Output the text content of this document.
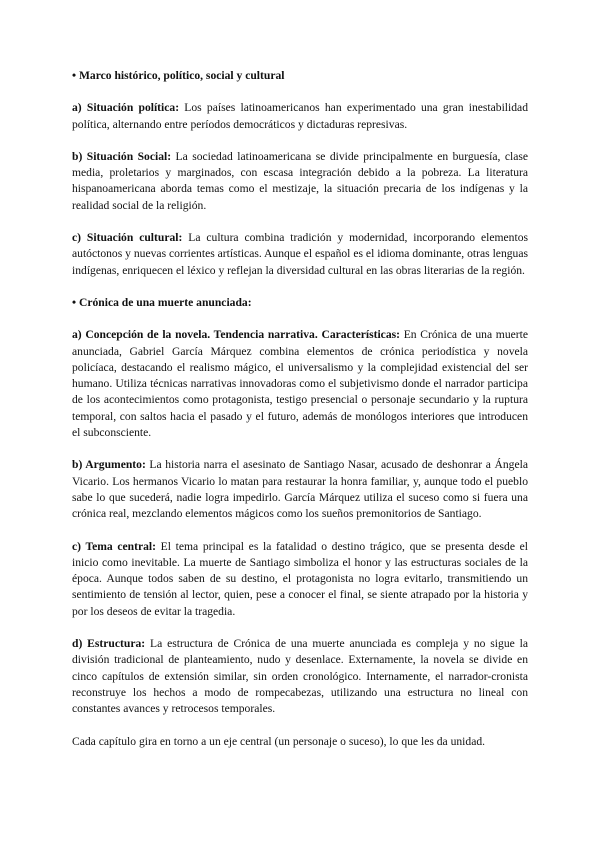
• Marco histórico, político, social y cultural

a) Situación política: Los países latinoamericanos han experimentado una gran inestabilidad política, alternando entre períodos democráticos y dictaduras represivas.

b) Situación Social: La sociedad latinoamericana se divide principalmente en burguesía, clase media, proletarios y marginados, con escasa integración debido a la pobreza. La literatura hispanoamericana aborda temas como el mestizaje, la situación precaria de los indígenas y la realidad social de la religión.

c) Situación cultural: La cultura combina tradición y modernidad, incorporando elementos autóctonos y nuevas corrientes artísticas. Aunque el español es el idioma dominante, otras lenguas indígenas, enriquecen el léxico y reflejan la diversidad cultural en las obras literarias de la región.

• Crónica de una muerte anunciada:

a) Concepción de la novela. Tendencia narrativa. Características: En Crónica de una muerte anunciada, Gabriel García Márquez combina elementos de crónica periodística y novela policíaca, destacando el realismo mágico, el universalismo y la complejidad existencial del ser humano. Utiliza técnicas narrativas innovadoras como el subjetivismo donde el narrador participa de los acontecimientos como protagonista, testigo presencial o personaje secundario y la ruptura temporal, con saltos hacia el pasado y el futuro, además de monólogos interiores que introducen el subconsciente.

b) Argumento: La historia narra el asesinato de Santiago Nasar, acusado de deshonrar a Ángela Vicario. Los hermanos Vicario lo matan para restaurar la honra familiar, y, aunque todo el pueblo sabe lo que sucederá, nadie logra impedirlo. García Márquez utiliza el suceso como si fuera una crónica real, mezclando elementos mágicos como los sueños premonitorios de Santiago.

c) Tema central: El tema principal es la fatalidad o destino trágico, que se presenta desde el inicio como inevitable. La muerte de Santiago simboliza el honor y las estructuras sociales de la época. Aunque todos saben de su destino, el protagonista no logra evitarlo, transmitiendo un sentimiento de tensión al lector, quien, pese a conocer el final, se siente atrapado por la historia y por los deseos de evitar la tragedia.

d) Estructura: La estructura de Crónica de una muerte anunciada es compleja y no sigue la división tradicional de planteamiento, nudo y desenlace. Externamente, la novela se divide en cinco capítulos de extensión similar, sin orden cronológico. Internamente, el narrador-cronista reconstruye los hechos a modo de rompecabezas, utilizando una estructura no lineal con constantes avances y retrocesos temporales.

Cada capítulo gira en torno a un eje central (un personaje o suceso), lo que les da unidad.
